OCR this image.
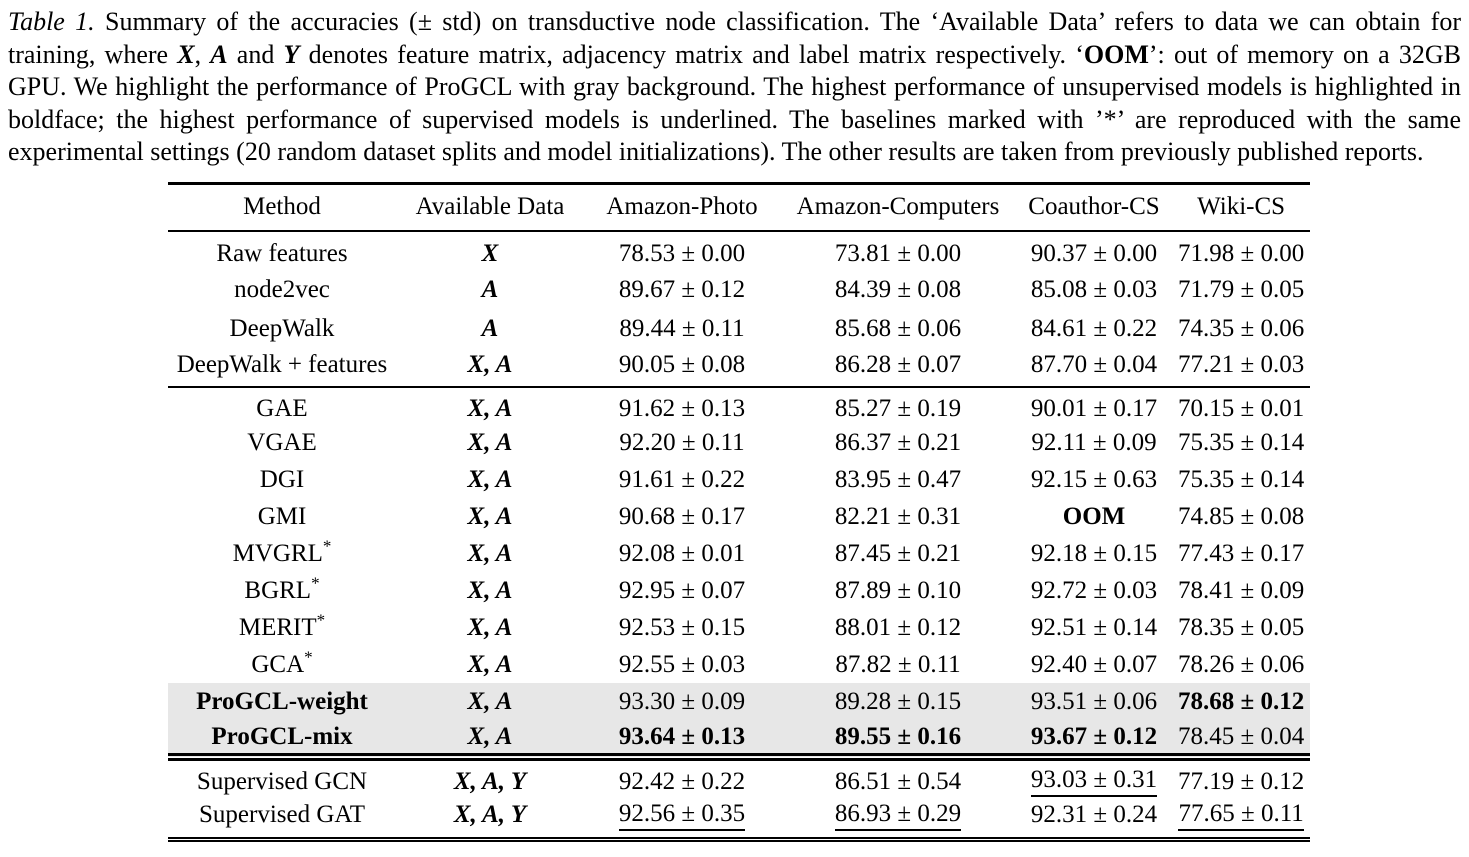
Table 1. Summary of the accuracies (± std) on transductive node classification. The ‘Available Data’ refers to data we can obtain for training, where X, A and Y denotes feature matrix, adjacency matrix and label matrix respectively. ‘OOM’: out of memory on a 32GB GPU. We highlight the performance of ProGCL with gray background. The highest performance of unsupervised models is highlighted in boldface; the highest performance of supervised models is underlined. The baselines marked with ’*’ are reproduced with the same experimental settings (20 random dataset splits and model initializations). The other results are taken from previously published reports.

Method	Available Data	Amazon-Photo	Amazon-Computers	Coauthor-CS	Wiki-CS
Raw features	X	78.53 ± 0.00	73.81 ± 0.00	90.37 ± 0.00	71.98 ± 0.00
node2vec	A	89.67 ± 0.12	84.39 ± 0.08	85.08 ± 0.03	71.79 ± 0.05
DeepWalk	A	89.44 ± 0.11	85.68 ± 0.06	84.61 ± 0.22	74.35 ± 0.06
DeepWalk + features	X, A	90.05 ± 0.08	86.28 ± 0.07	87.70 ± 0.04	77.21 ± 0.03
GAE	X, A	91.62 ± 0.13	85.27 ± 0.19	90.01 ± 0.17	70.15 ± 0.01
VGAE	X, A	92.20 ± 0.11	86.37 ± 0.21	92.11 ± 0.09	75.35 ± 0.14
DGI	X, A	91.61 ± 0.22	83.95 ± 0.47	92.15 ± 0.63	75.35 ± 0.14
GMI	X, A	90.68 ± 0.17	82.21 ± 0.31	OOM	74.85 ± 0.08
MVGRL*	X, A	92.08 ± 0.01	87.45 ± 0.21	92.18 ± 0.15	77.43 ± 0.17
BGRL*	X, A	92.95 ± 0.07	87.89 ± 0.10	92.72 ± 0.03	78.41 ± 0.09
MERIT*	X, A	92.53 ± 0.15	88.01 ± 0.12	92.51 ± 0.14	78.35 ± 0.05
GCA*	X, A	92.55 ± 0.03	87.82 ± 0.11	92.40 ± 0.07	78.26 ± 0.06
ProGCL-weight	X, A	93.30 ± 0.09	89.28 ± 0.15	93.51 ± 0.06	78.68 ± 0.12
ProGCL-mix	X, A	93.64 ± 0.13	89.55 ± 0.16	93.67 ± 0.12	78.45 ± 0.04
Supervised GCN	X, A, Y	92.42 ± 0.22	86.51 ± 0.54	93.03 ± 0.31	77.19 ± 0.12
Supervised GAT	X, A, Y	92.56 ± 0.35	86.93 ± 0.29	92.31 ± 0.24	77.65 ± 0.11
